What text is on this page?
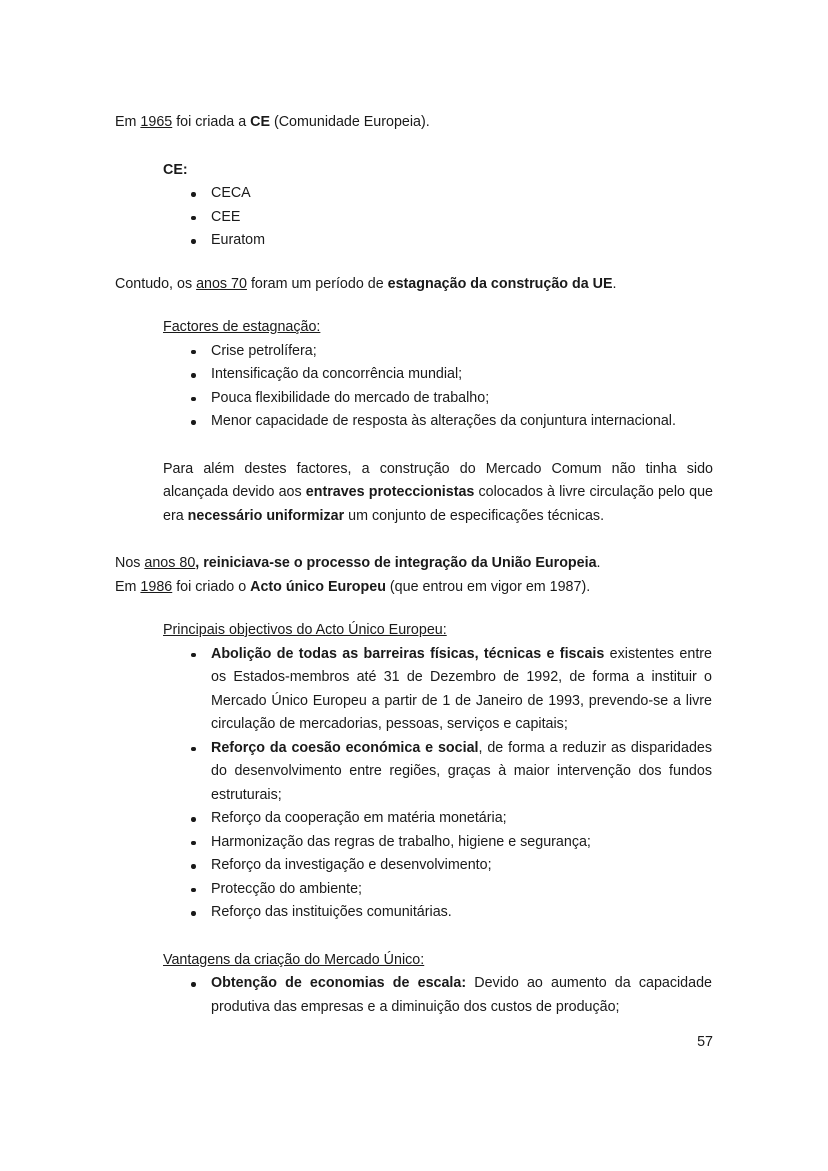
Em 1965 foi criada a CE (Comunidade Europeia).

CE:

CECA
CEE
Euratom

Contudo, os anos 70 foram um período de estagnação da construção da UE.

Factores de estagnação:

Crise petrolífera;
Intensificação da concorrência mundial;
Pouca flexibilidade do mercado de trabalho;
Menor capacidade de resposta às alterações da conjuntura internacional.

Para além destes factores, a construção do Mercado Comum não tinha sido alcançada devido aos entraves proteccionistas colocados à livre circulação pelo que era necessário uniformizar um conjunto de especificações técnicas.

Nos anos 80, reiniciava-se o processo de integração da União Europeia.

Em 1986 foi criado o Acto único Europeu (que entrou em vigor em 1987).

Principais objectivos do Acto Único Europeu:

Abolição de todas as barreiras físicas, técnicas e fiscais existentes entre os Estados-membros até 31 de Dezembro de 1992, de forma a instituir o Mercado Único Europeu a partir de 1 de Janeiro de 1993, prevendo-se a livre circulação de mercadorias, pessoas, serviços e capitais;
Reforço da coesão económica e social, de forma a reduzir as disparidades do desenvolvimento entre regiões, graças à maior intervenção dos fundos estruturais;
Reforço da cooperação em matéria monetária;
Harmonização das regras de trabalho, higiene e segurança;
Reforço da investigação e desenvolvimento;
Protecção do ambiente;
Reforço das instituições comunitárias.

Vantagens da criação do Mercado Único:

Obtenção de economias de escala: Devido ao aumento da capacidade produtiva das empresas e a diminuição dos custos de produção;
57
